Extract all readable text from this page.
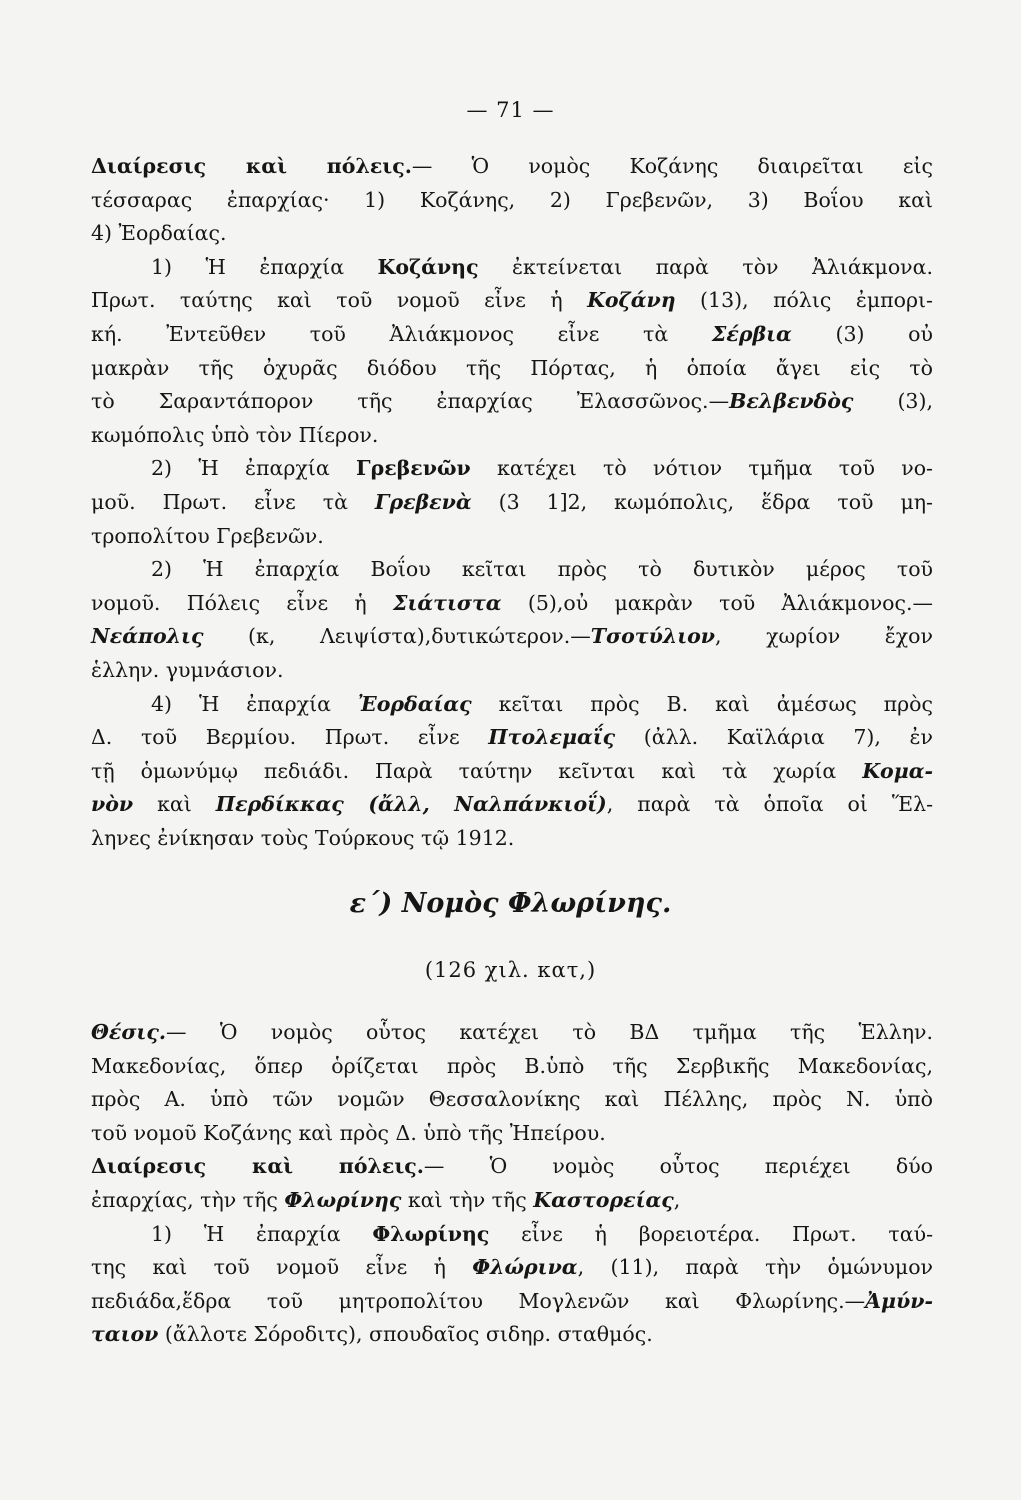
— 71 —
Διαίρεσις καὶ πόλεις.— Ὁ νομὸς Κοζάνης διαιρεῖται εἰς
τέσσαρας ἐπαρχίας· 1) Κοζάνης, 2) Γρεβενῶν, 3) Βοΐου καὶ
4) Ἐορδαίας.
1) Ἡ ἐπαρχία Κοζάνης ἐκτείνεται παρὰ τὸν Ἀλιάκμονα.
Πρωτ. ταύτης καὶ τοῦ νομοῦ εἶνε ἡ Κοζάνη (13), πόλις ἐμπορι-
κή. Ἐντεῦθεν τοῦ Ἀλιάκμονος εἶνε τὰ Σέρβια (3) οὐ
μακρὰν τῆς ὀχυρᾶς διόδου τῆς Πόρτας, ἡ ὁποία ἄγει εἰς τὸ
τὸ Σαραντάπορον τῆς ἐπαρχίας Ἐλασσῶνος.—Βελβενδὸς (3),
κωμόπολις ὑπὸ τὸν Πίερον.
2) Ἡ ἐπαρχία Γρεβενῶν κατέχει τὸ νότιον τμῆμα τοῦ νο-
μοῦ. Πρωτ. εἶνε τὰ Γρεβενὰ (3 1]2, κωμόπολις, ἕδρα τοῦ μη-
τροπολίτου Γρεβενῶν.
2) Ἡ ἐπαρχία Βοΐου κεῖται πρὸς τὸ δυτικὸν μέρος τοῦ
νομοῦ. Πόλεις εἶνε ἡ Σιάτιστα (5),οὐ μακρὰν τοῦ Ἀλιάκμονος.—
Νεάπολις (κ, Λειψίστα),δυτικώτερον.—Τσοτύλιον, χωρίον ἔχον
ἑλλην. γυμνάσιον.
4) Ἡ ἐπαρχία Ἐορδαίας κεῖται πρὸς Β. καὶ ἀμέσως πρὸς
Δ. τοῦ Βερμίου. Πρωτ. εἶνε Πτολεμαΐς (ἀλλ. Καϊλάρια 7), ἐν
τῇ ὁμωνύμῳ πεδιάδι. Παρὰ ταύτην κεῖνται καὶ τὰ χωρία Κομα-
νὸν καὶ Περδίκκας (ἄλλ, Ναλπάνκιοΐ), παρὰ τὰ ὁποῖα οἱ Ἕλ-
ληνες ἐνίκησαν τοὺς Τούρκους τῷ 1912.
ε΄) Νομὸς Φλωρίνης.
(126 χιλ. κατ,)
Θέσις.— Ὁ νομὸς οὗτος κατέχει τὸ ΒΔ τμῆμα τῆς Ἑλλην.
Μακεδονίας, ὅπερ ὁρίζεται πρὸς Β.ὑπὸ τῆς Σερβικῆς Μακεδονίας,
πρὸς Α. ὑπὸ τῶν νομῶν Θεσσαλονίκης καὶ Πέλλης, πρὸς Ν. ὑπὸ
τοῦ νομοῦ Κοζάνης καὶ πρὸς Δ. ὑπὸ τῆς Ἠπείρου.
Διαίρεσις καὶ πόλεις.— Ὁ νομὸς οὗτος περιέχει δύο
ἐπαρχίας, τὴν τῆς Φλωρίνης καὶ τὴν τῆς Καστορείας,
1) Ἡ ἐπαρχία Φλωρίνης εἶνε ἡ βορειοτέρα. Πρωτ. ταύ-
της καὶ τοῦ νομοῦ εἶνε ἡ Φλώρινα, (11), παρὰ τὴν ὁμώνυμον
πεδιάδα,ἕδρα τοῦ μητροπολίτου Μογλενῶν καὶ Φλωρίνης.—Ἀμύν-
ταιον (ἄλλοτε Σόροδιτς), σπουδαῖος σιδηρ. σταθμός.
